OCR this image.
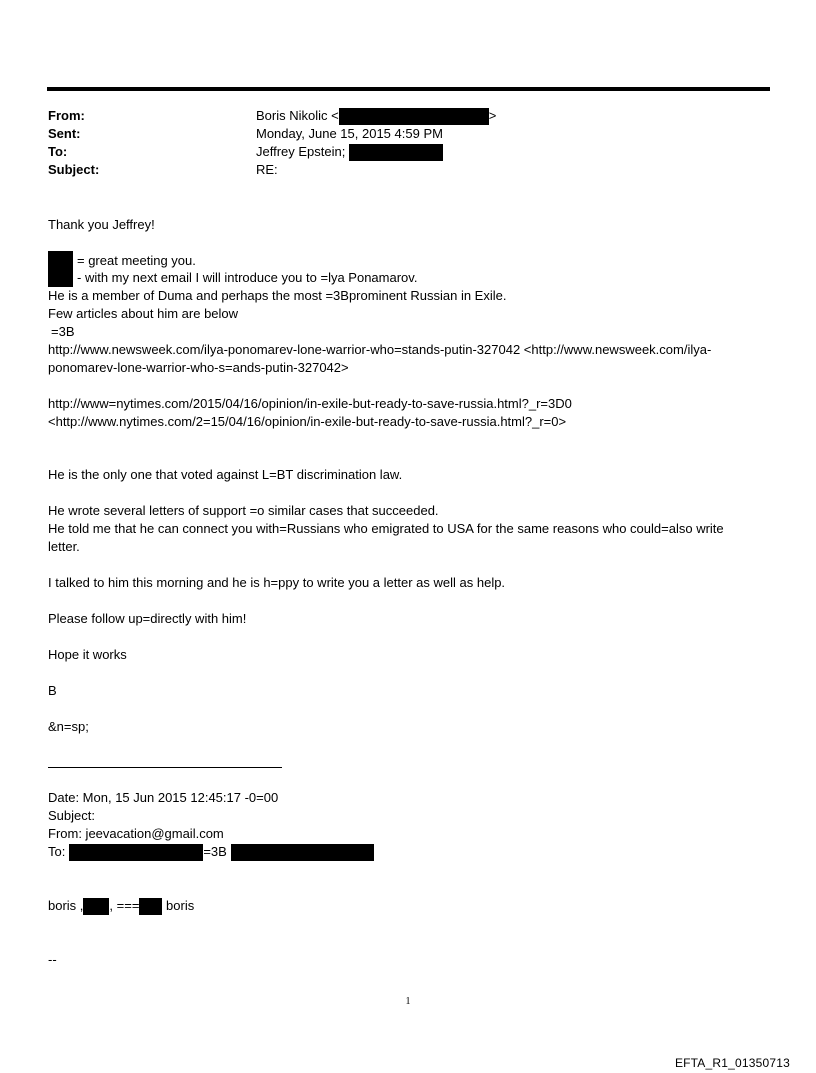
From:	Boris Nikolic <	>
Sent:	Monday, June 15, 2015 4:59 PM
To:	Jeffrey Epstein;
Subject:	RE:
Thank you Jeffrey!
= great meeting you.
- with my next email I will introduce you to =lya Ponamarov.
He is a member of Duma and perhaps the most =3Bprominent Russian in Exile.
Few articles about him are below
=3B
http://www.newsweek.com/ilya-ponomarev-lone-warrior-who=stands-putin-327042 <http://www.newsweek.com/ilya-
ponomarev-lone-warrior-who-s=ands-putin-327042>
http://www=nytimes.com/2015/04/16/opinion/in-exile-but-ready-to-save-russia.html?_r=3D0
<http://www.nytimes.com/2=15/04/16/opinion/in-exile-but-ready-to-save-russia.html?_r=0>
He is the only one that voted against L=BT discrimination law.
He wrote several letters of support =o similar cases that succeeded.
He told me that he can connect you with=Russians who emigrated to USA for the same reasons who could=also write
letter.
I talked to him this morning and he is h=ppy to write you a letter as well as help.
Please follow up=directly with him!
Hope it works
B
&n=sp;
Date: Mon, 15 Jun 2015 12:45:17 -0=00
Subject:
From: jeevacation@gmail.com
To:	=3B
boris , , === boris
--
1
EFTA_R1_01350713
